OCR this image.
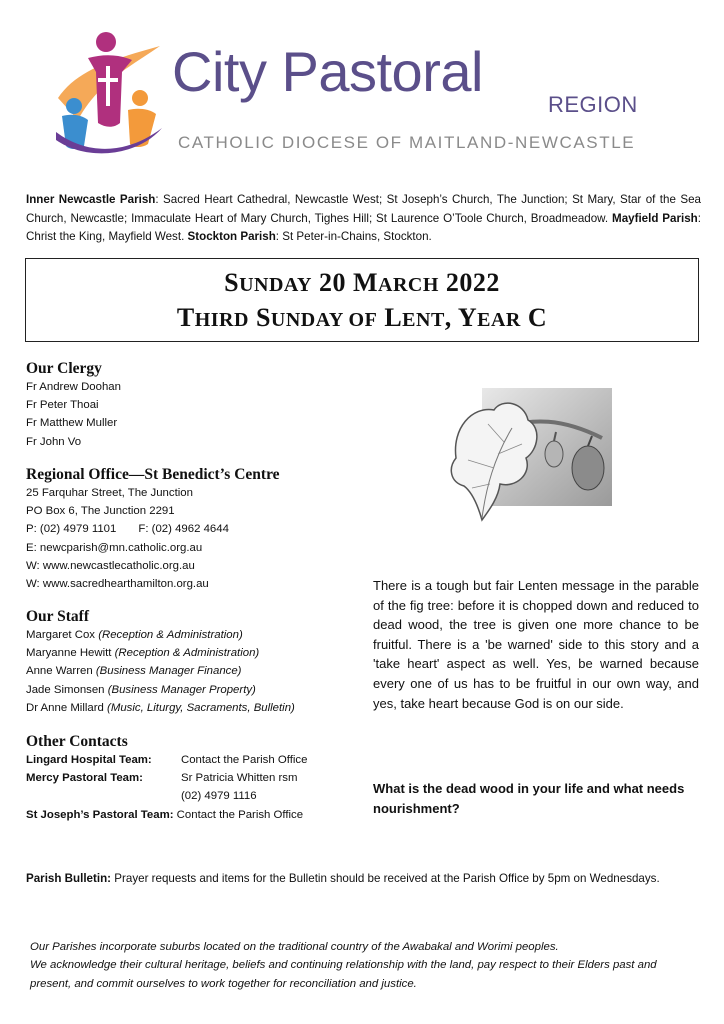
City Pastoral
REGION
CATHOLIC DIOCESE OF MAITLAND-NEWCASTLE
Inner Newcastle Parish: Sacred Heart Cathedral, Newcastle West; St Joseph’s Church, The Junction; St Mary, Star of the Sea Church, Newcastle; Immaculate Heart of Mary Church, Tighes Hill; St Laurence O’Toole Church, Broadmeadow. Mayfield Parish: Christ the King, Mayfield West. Stockton Parish: St Peter-in-Chains, Stockton.
SUNDAY 20 MARCH 2022
THIRD SUNDAY OF LENT, YEAR C
Our Clergy
Fr Andrew Doohan
Fr Peter Thoai
Fr Matthew Muller
Fr John Vo
Regional Office—St Benedict’s Centre
25 Farquhar Street, The Junction
PO Box 6, The Junction 2291
P: (02) 4979 1101 F: (02) 4962 4644
E: newcparish@mn.catholic.org.au
W: www.newcastlecatholic.org.au
W: www.sacredhearthamilton.org.au
Our Staff
Margaret Cox (Reception & Administration)
Maryanne Hewitt (Reception & Administration)
Anne Warren (Business Manager Finance)
Jade Simonsen (Business Manager Property)
Dr Anne Millard (Music, Liturgy, Sacraments, Bulletin)
Other Contacts
Lingard Hospital Team:	Contact the Parish Office
Mercy Pastoral Team:	Sr Patricia Whitten rsm
(02) 4979 1116
St Joseph’s Pastoral Team: Contact the Parish Office
There is a tough but fair Lenten message in the parable of the fig tree: before it is chopped down and reduced to dead wood, the tree is given one more chance to be fruitful. There is a 'be warned' side to this story and a 'take heart' aspect as well. Yes, be warned because every one of us has to be fruitful in our own way, and yes, take heart because God is on our side.
What is the dead wood in your life and what needs nourishment?
Parish Bulletin: Prayer requests and items for the Bulletin should be received at the Parish Office by 5pm on Wednesdays.
Our Parishes incorporate suburbs located on the traditional country of the Awabakal and Worimi peoples.
We acknowledge their cultural heritage, beliefs and continuing relationship with the land, pay respect to their Elders past and present, and commit ourselves to work together for reconciliation and justice.
